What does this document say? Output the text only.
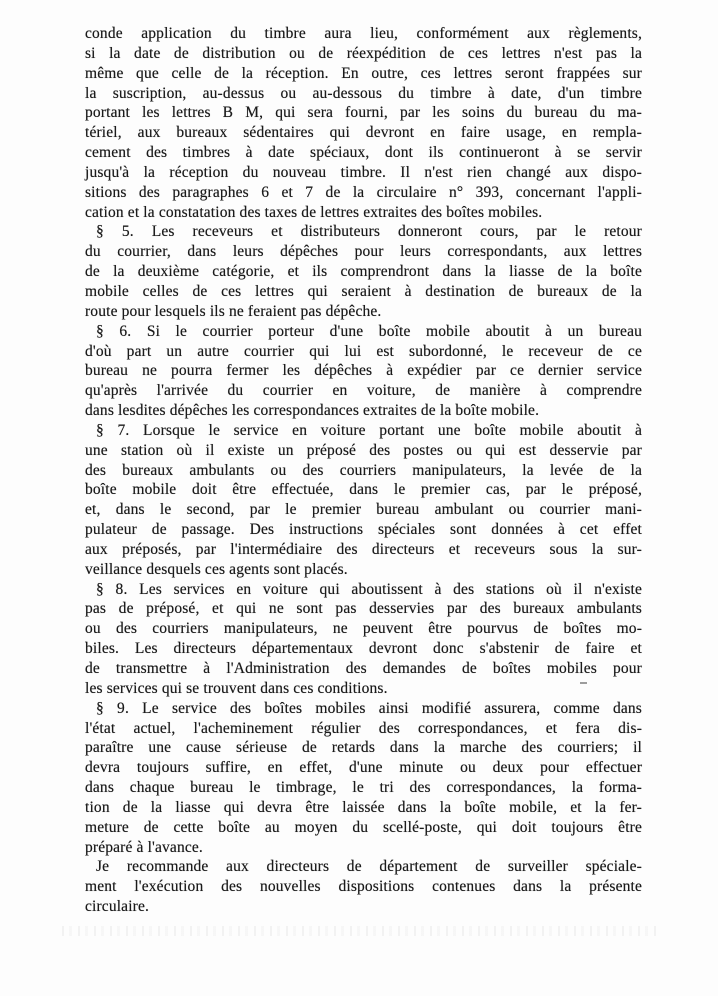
conde application du timbre aura lieu, conformément aux règlements,
si la date de distribution ou de réexpédition de ces lettres n'est pas la
même que celle de la réception. En outre, ces lettres seront frappées sur
la suscription, au-dessus ou au-dessous du timbre à date, d'un timbre
portant les lettres B M, qui sera fourni, par les soins du bureau du ma-
tériel, aux bureaux sédentaires qui devront en faire usage, en rempla-
cement des timbres à date spéciaux, dont ils continueront à se servir
jusqu'à la réception du nouveau timbre. Il n'est rien changé aux dispo-
sitions des paragraphes 6 et 7 de la circulaire n° 393, concernant l'appli-
cation et la constatation des taxes de lettres extraites des boîtes mobiles.
§ 5. Les receveurs et distributeurs donneront cours, par le retour
du courrier, dans leurs dépêches pour leurs correspondants, aux lettres
de la deuxième catégorie, et ils comprendront dans la liasse de la boîte
mobile celles de ces lettres qui seraient à destination de bureaux de la
route pour lesquels ils ne feraient pas dépêche.
§ 6. Si le courrier porteur d'une boîte mobile aboutit à un bureau
d'où part un autre courrier qui lui est subordonné, le receveur de ce
bureau ne pourra fermer les dépêches à expédier par ce dernier service
qu'après l'arrivée du courrier en voiture, de manière à comprendre
dans lesdites dépêches les correspondances extraites de la boîte mobile.
§ 7. Lorsque le service en voiture portant une boîte mobile aboutit à
une station où il existe un préposé des postes ou qui est desservie par
des bureaux ambulants ou des courriers manipulateurs, la levée de la
boîte mobile doit être effectuée, dans le premier cas, par le préposé,
et, dans le second, par le premier bureau ambulant ou courrier mani-
pulateur de passage. Des instructions spéciales sont données à cet effet
aux préposés, par l'intermédiaire des directeurs et receveurs sous la sur-
veillance desquels ces agents sont placés.
§ 8. Les services en voiture qui aboutissent à des stations où il n'existe
pas de préposé, et qui ne sont pas desservies par des bureaux ambulants
ou des courriers manipulateurs, ne peuvent être pourvus de boîtes mo-
biles. Les directeurs départementaux devront donc s'abstenir de faire et
de transmettre à l'Administration des demandes de boîtes mobiles pour
les services qui se trouvent dans ces conditions.
§ 9. Le service des boîtes mobiles ainsi modifié assurera, comme dans
l'état actuel, l'acheminement régulier des correspondances, et fera dis-
paraître une cause sérieuse de retards dans la marche des courriers; il
devra toujours suffire, en effet, d'une minute ou deux pour effectuer
dans chaque bureau le timbrage, le tri des correspondances, la forma-
tion de la liasse qui devra être laissée dans la boîte mobile, et la fer-
meture de cette boîte au moyen du scellé-poste, qui doit toujours être
préparé à l'avance.
Je recommande aux directeurs de département de surveiller spéciale-
ment l'exécution des nouvelles dispositions contenues dans la présente
circulaire.
